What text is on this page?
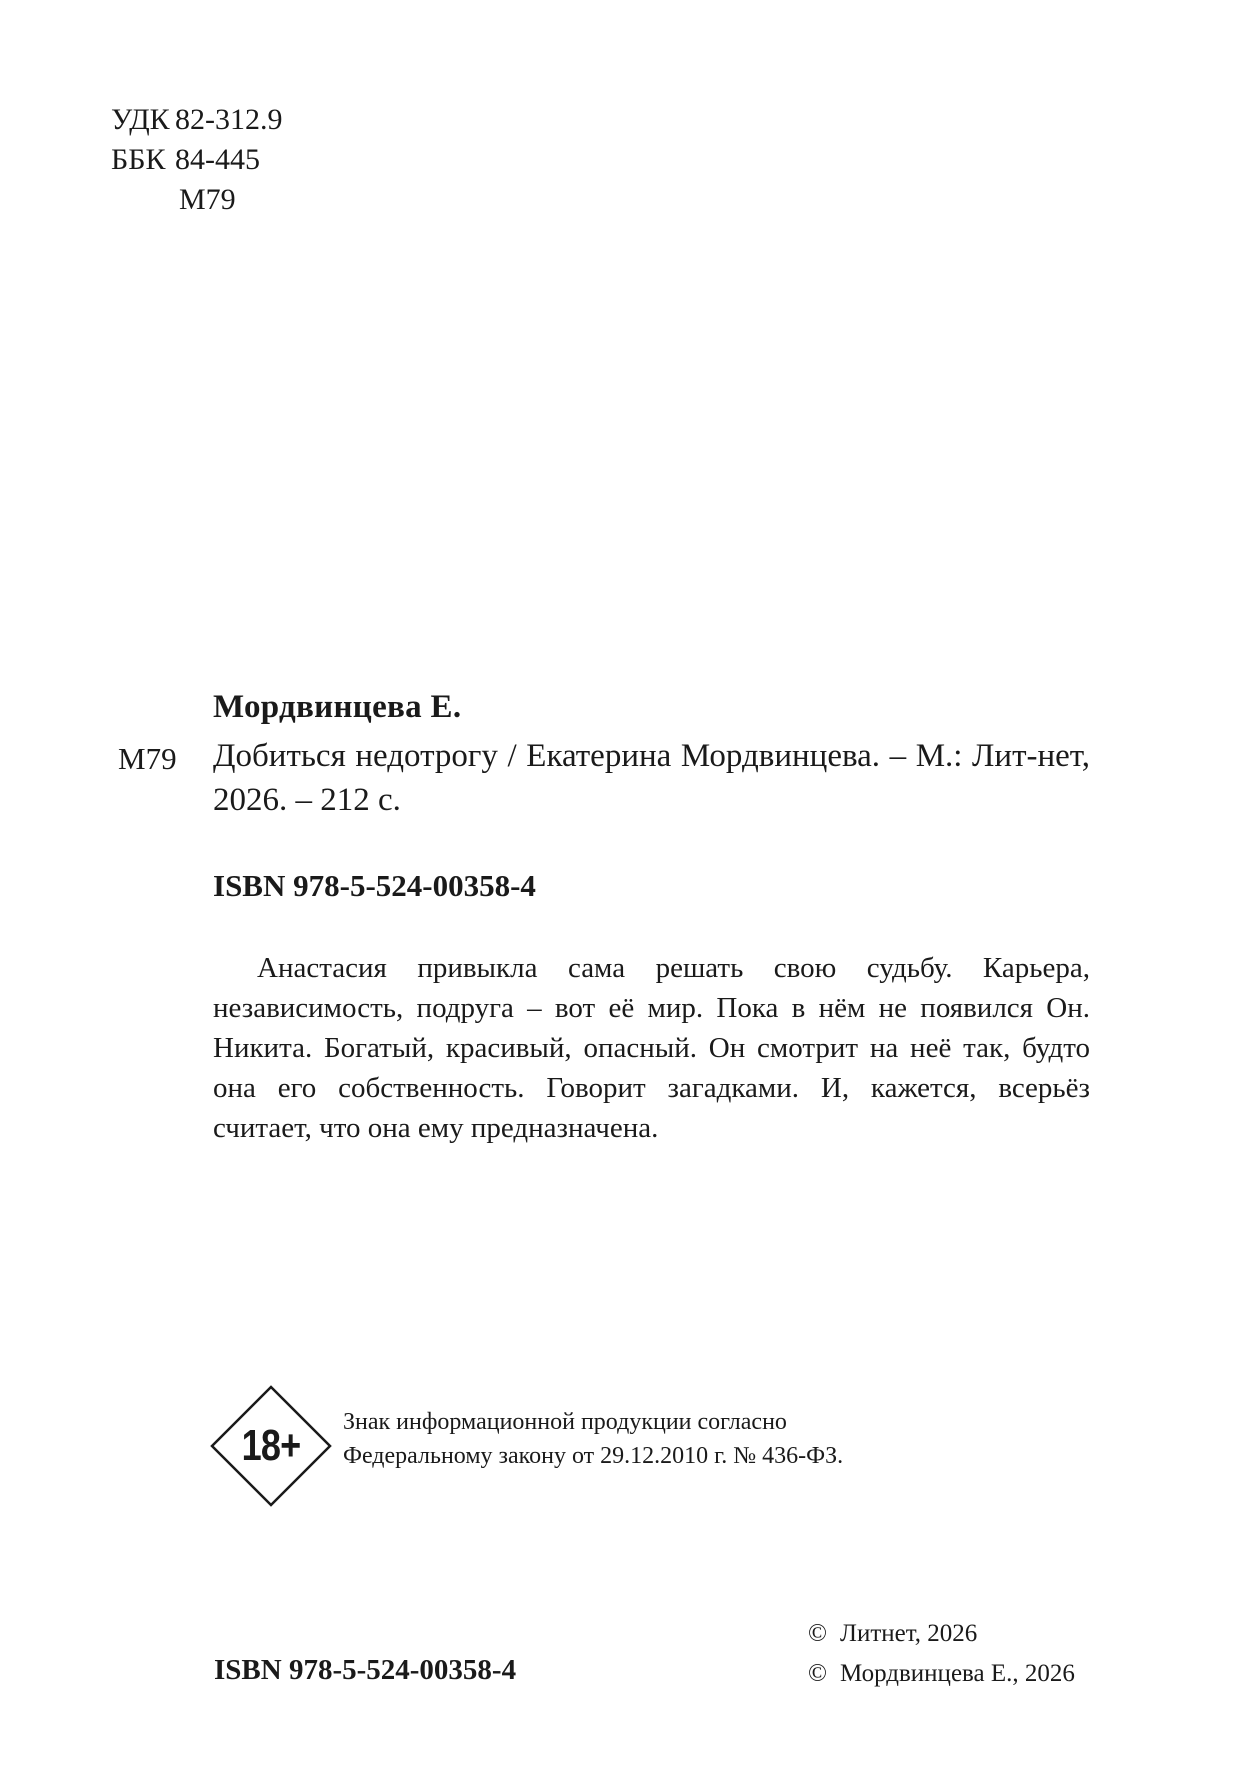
УДК 82-312.9
ББК 84-445
М79
Мордвинцева Е.
М79 Добиться недотрогу / Екатерина Мордвинцева. – М.: Лит-нет, 2026. – 212 с.
ISBN 978-5-524-00358-4
Анастасия привыкла сама решать свою судьбу. Карьера, независимость, подруга – вот её мир. Пока в нём не появился Он. Никита. Богатый, красивый, опасный. Он смотрит на неё так, будто она его собственность. Говорит загадками. И, кажется, всерьёз считает, что она ему предназначена.
18+	Знак информационной продукции согласно
Федеральному закону от 29.12.2010 г. № 436-ФЗ.
ISBN 978-5-524-00358-4
© Литнет, 2026
© Мордвинцева Е., 2026
